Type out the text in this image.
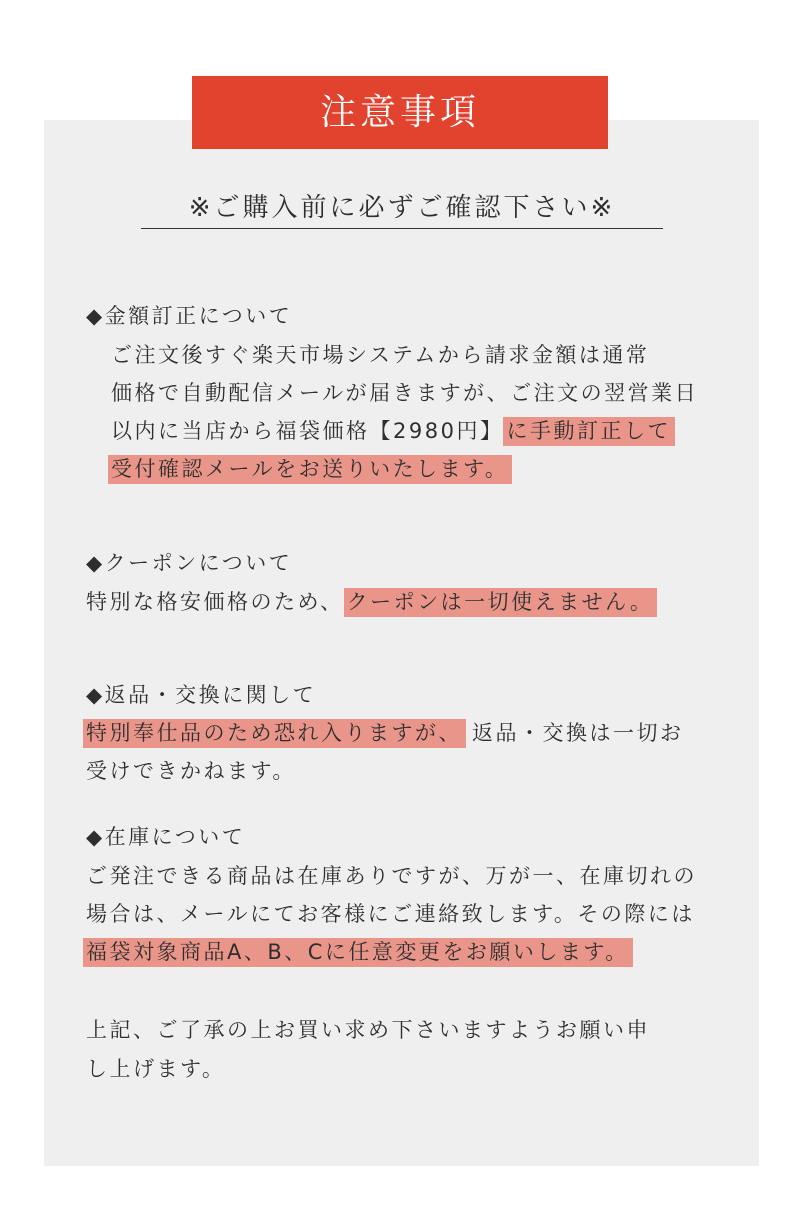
注意事項
※ご購入前に必ずご確認下さい※
◆金額訂正について
ご注文後すぐ楽天市場システムから請求金額は通常
価格で自動配信メールが届きますが、ご注文の翌営業日
以内に当店から福袋価格【2980円】 に手動訂正して
受付確認メールをお送りいたします。
◆クーポンについて
特別な格安価格のため、 クーポンは一切使えません。
◆返品・交換に関して
特別奉仕品のため恐れ入りますが、 返品・交換は一切お
受けできかねます。
◆在庫について
ご発注できる商品は在庫ありですが、万が一、在庫切れの
場合は、メールにてお客様にご連絡致します。その際には
福袋対象商品A、B、Cに任意変更をお願いします。
上記、ご了承の上お買い求め下さいますようお願い申
し上げます。
